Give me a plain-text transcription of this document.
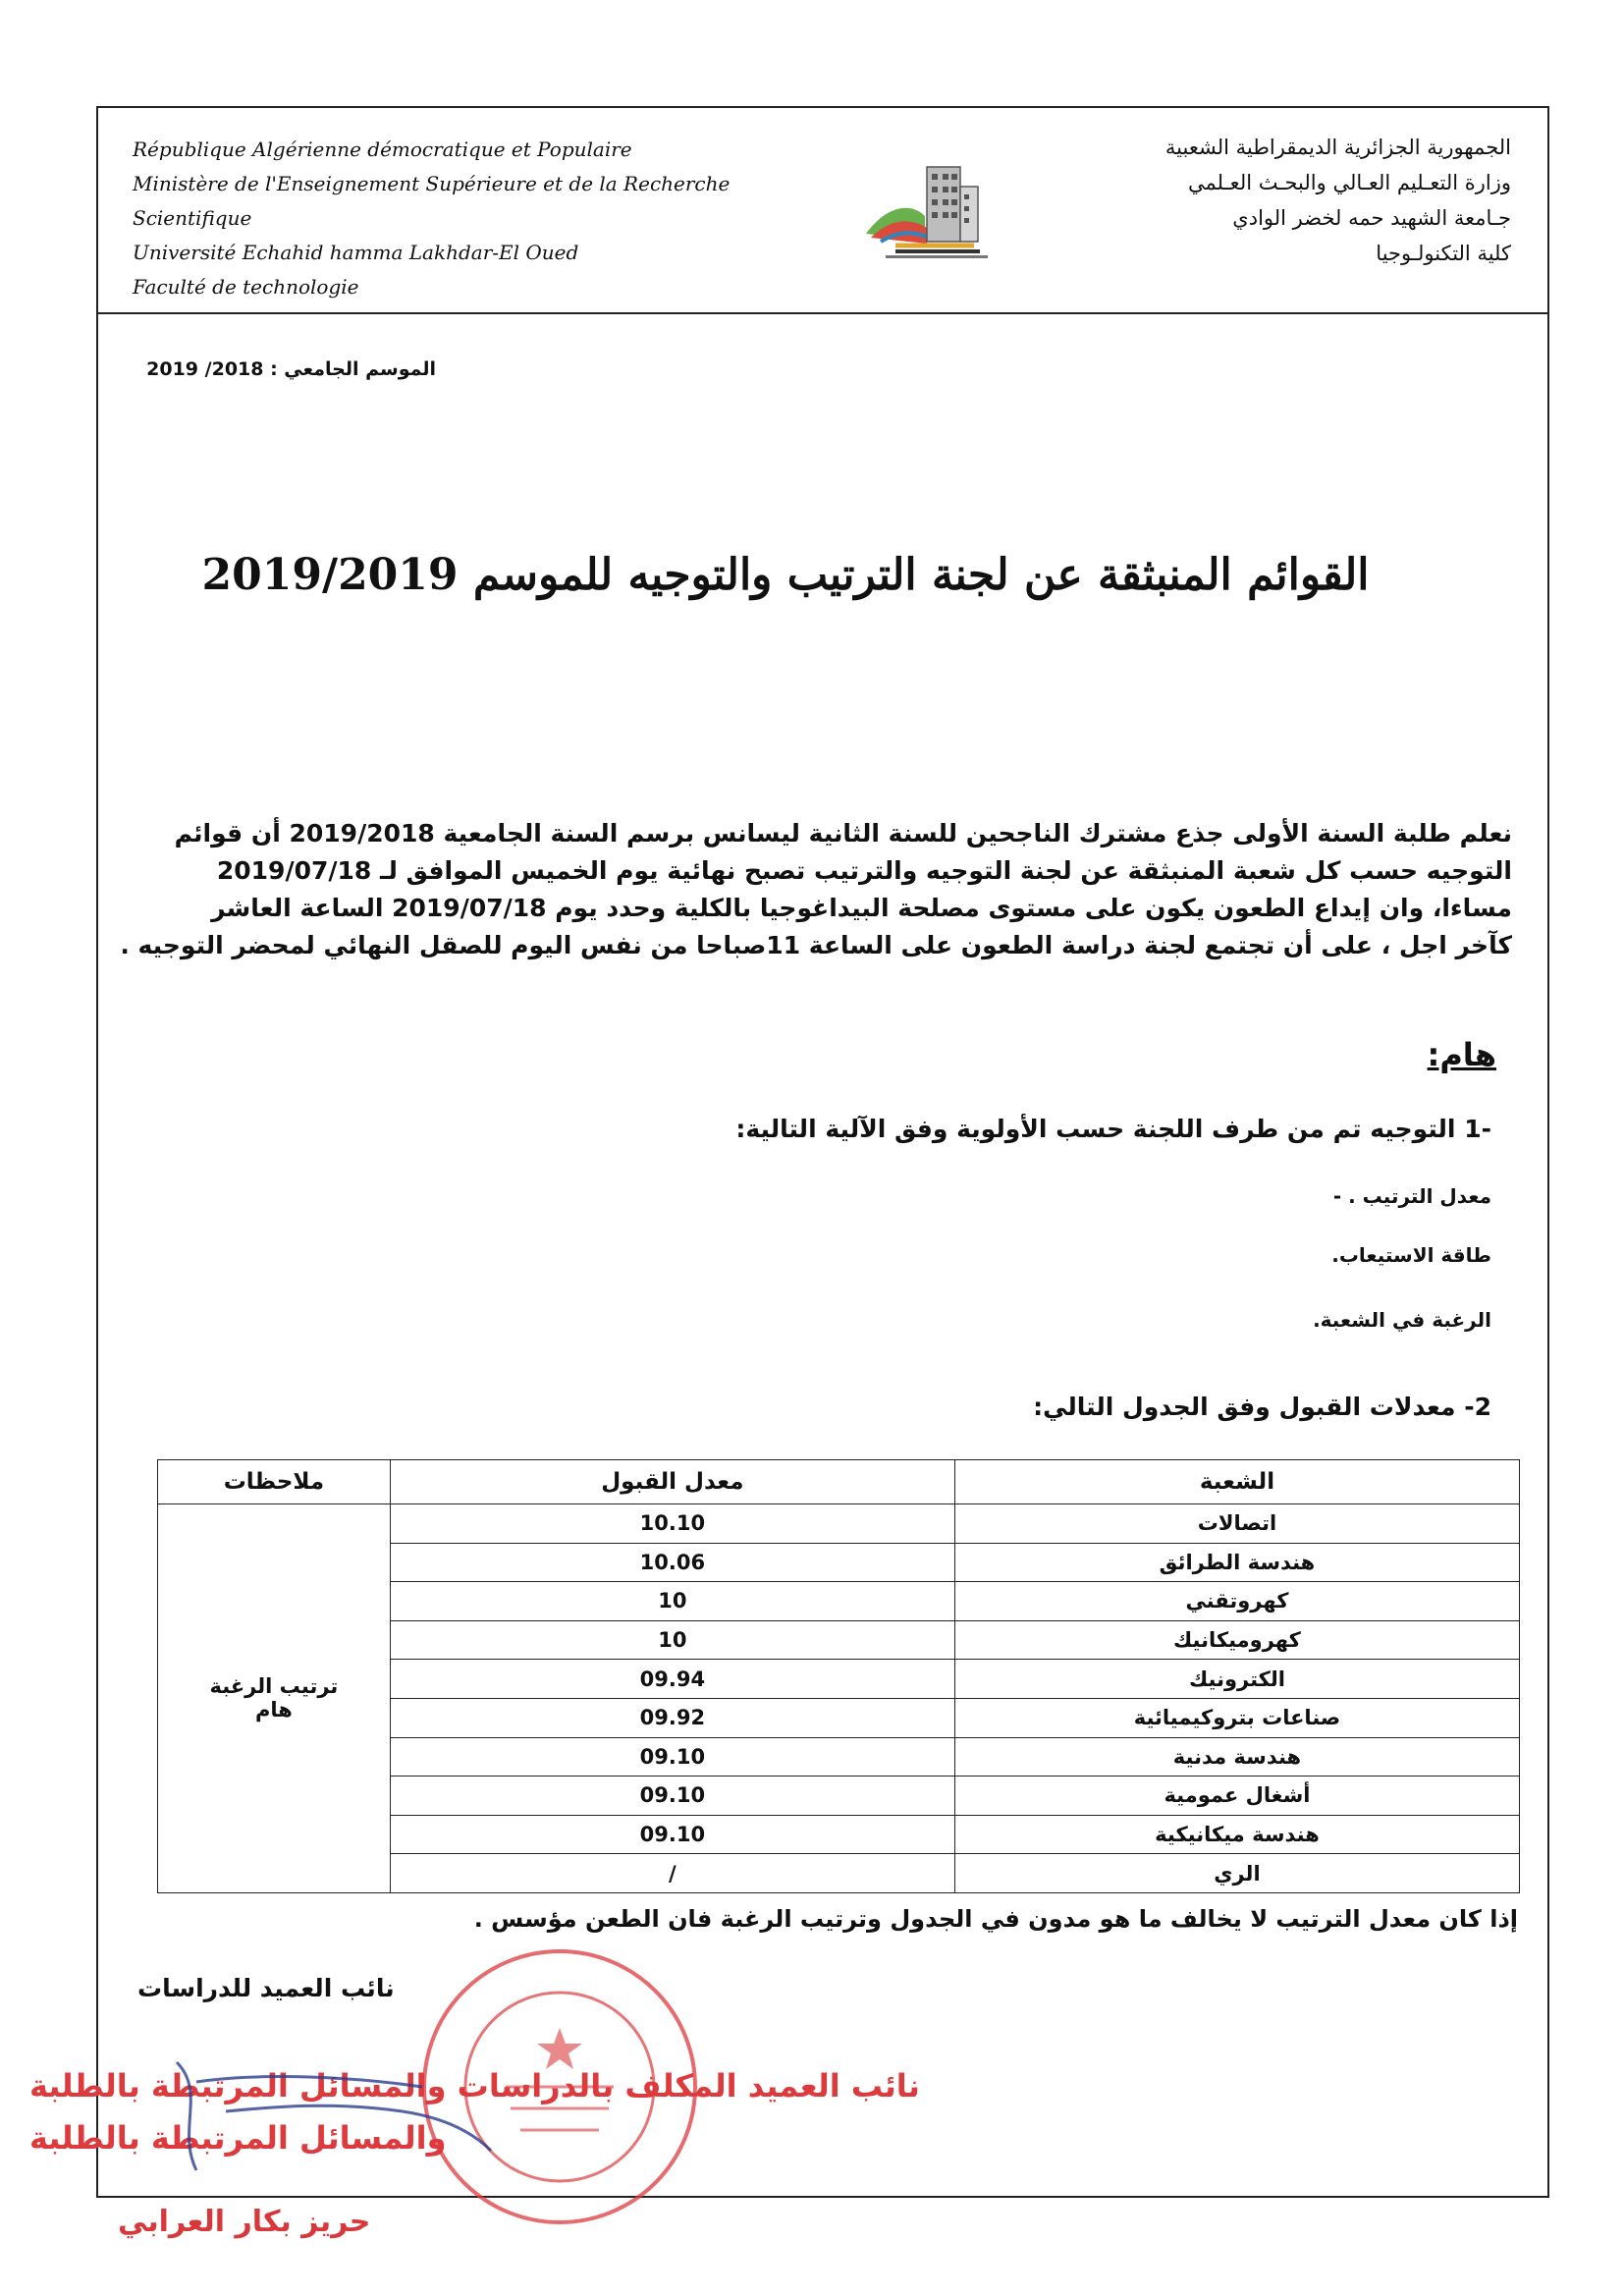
République Algérienne démocratique et Populaire
Ministère de l'Enseignement Supérieure et de la Recherche Scientifique
Université Echahid hamma Lakhdar-El Oued
Faculté de technologie
الجمهورية الجزائرية الديمقراطية الشعبية
وزارة التعـليم العـالي والبحـث العـلمي
جـامعة الشهيد حمه لخضر الوادي
كلية التكنولـوجيا
الموسم الجامعي : 2018/ 2019
القوائم المنبثقة عن لجنة الترتيب والتوجيه للموسم 2019/2019
نعلم طلبة السنة الأولى جذع مشترك الناجحين للسنة الثانية ليسانس برسم السنة الجامعية 2019/2018 أن قوائم
التوجيه حسب كل شعبة المنبثقة عن لجنة التوجيه والترتيب تصبح نهائية يوم الخميس الموافق لـ 2019/07/18
مساءا، وان إيداع الطعون يكون على مستوى مصلحة البيداغوجيا بالكلية وحدد يوم 2019/07/18 الساعة العاشر
كآخر اجل ، على أن تجتمع لجنة دراسة الطعون على الساعة 11صباحا من نفس اليوم للصقل النهائي لمحضر التوجيه .
هام:
-1 التوجيه تم من طرف اللجنة حسب الأولوية وفق الآلية التالية:
معدل الترتيب . -
طاقة الاستيعاب.
الرغبة في الشعبة.
2- معدلات القبول وفق الجدول التالي:
الشعبة	معدل القبول	ملاحظات
اتصالات	10.10	ترتيب الرغبة
هام

هندسة الطرائق	10.06	
كهروتقني	10	
كهروميكانيك	10	
الكترونيك	09.94	
صناعات بتروكيميائية	09.92	
هندسة مدنية	09.10	
أشغال عمومية	09.10	
هندسة ميكانيكية	09.10	
الري	/	
إذا كان معدل الترتيب لا يخالف ما هو مدون في الجدول وترتيب الرغبة فان الطعن مؤسس .
نائب العميد للدراسات
نائب العميد المكلف بالدراسات والمسائل المرتبطة بالطلبة
والمسائل المرتبطة بالطلبة
حريز بكار العرابي
